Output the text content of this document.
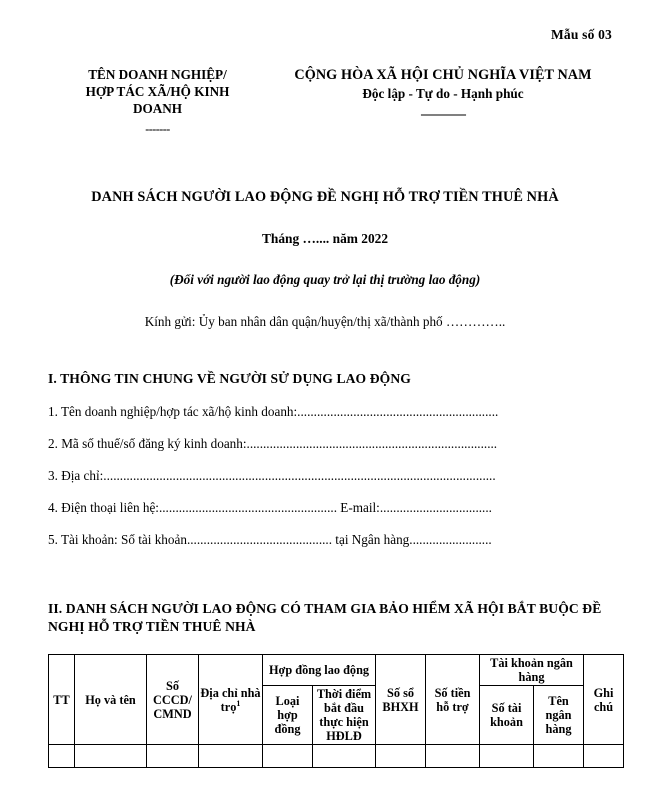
Mẫu số 03
TÊN DOANH NGHIỆP/
HỢP TÁC XÃ/HỘ KINH
DOANH
-------
CỘNG HÒA XÃ HỘI CHỦ NGHĨA VIỆT NAM
Độc lập - Tự do - Hạnh phúc
---------------
DANH SÁCH NGƯỜI LAO ĐỘNG ĐỀ NGHỊ HỖ TRỢ TIỀN THUÊ NHÀ
Tháng ….... năm 2022
(Đối với người lao động quay trở lại thị trường lao động)
Kính gửi: Ủy ban nhân dân quận/huyện/thị xã/thành phố …………..
I. THÔNG TIN CHUNG VỀ NGƯỜI SỬ DỤNG LAO ĐỘNG
1. Tên doanh nghiệp/hợp tác xã/hộ kinh doanh:.............................................................
2. Mã số thuế/số đăng ký kinh doanh:............................................................................
3. Địa chỉ:.......................................................................................................................
4. Điện thoại liên hệ:...................................................... E-mail:..................................
5. Tài khoản: Số tài khoản............................................ tại Ngân hàng.........................
II. DANH SÁCH NGƯỜI LAO ĐỘNG CÓ THAM GIA BẢO HIỂM XÃ HỘI BẮT BUỘC ĐỀ NGHỊ HỖ TRỢ TIỀN THUÊ NHÀ
TT	Họ và tên	Số CCCD/ CMND	Địa chỉ nhà trọ$^1$	Hợp đồng lao động		Số sổ BHXH	Số tiền hỗ trợ	Tài khoản ngân hàng		Ghi chú
				Loại hợp đồng	Thời điểm bắt đầu thực hiện HĐLĐ			Số tài khoản	Tên ngân hàng	
